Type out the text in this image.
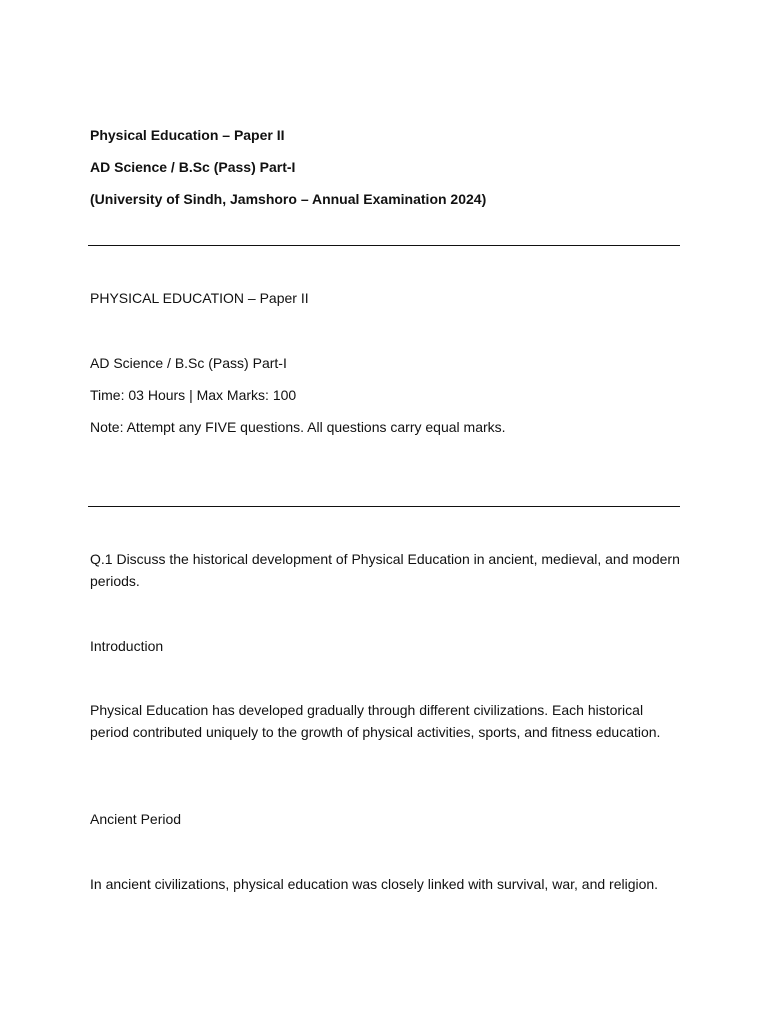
Physical Education – Paper II

AD Science / B.Sc (Pass) Part-I

(University of Sindh, Jamshoro – Annual Examination 2024)

PHYSICAL EDUCATION – Paper II

AD Science / B.Sc (Pass) Part-I

Time: 03 Hours | Max Marks: 100

Note: Attempt any FIVE questions. All questions carry equal marks.

Q.1 Discuss the historical development of Physical Education in ancient, medieval, and modern periods.

Introduction

Physical Education has developed gradually through different civilizations. Each historical period contributed uniquely to the growth of physical activities, sports, and fitness education.

Ancient Period

In ancient civilizations, physical education was closely linked with survival, war, and religion.
